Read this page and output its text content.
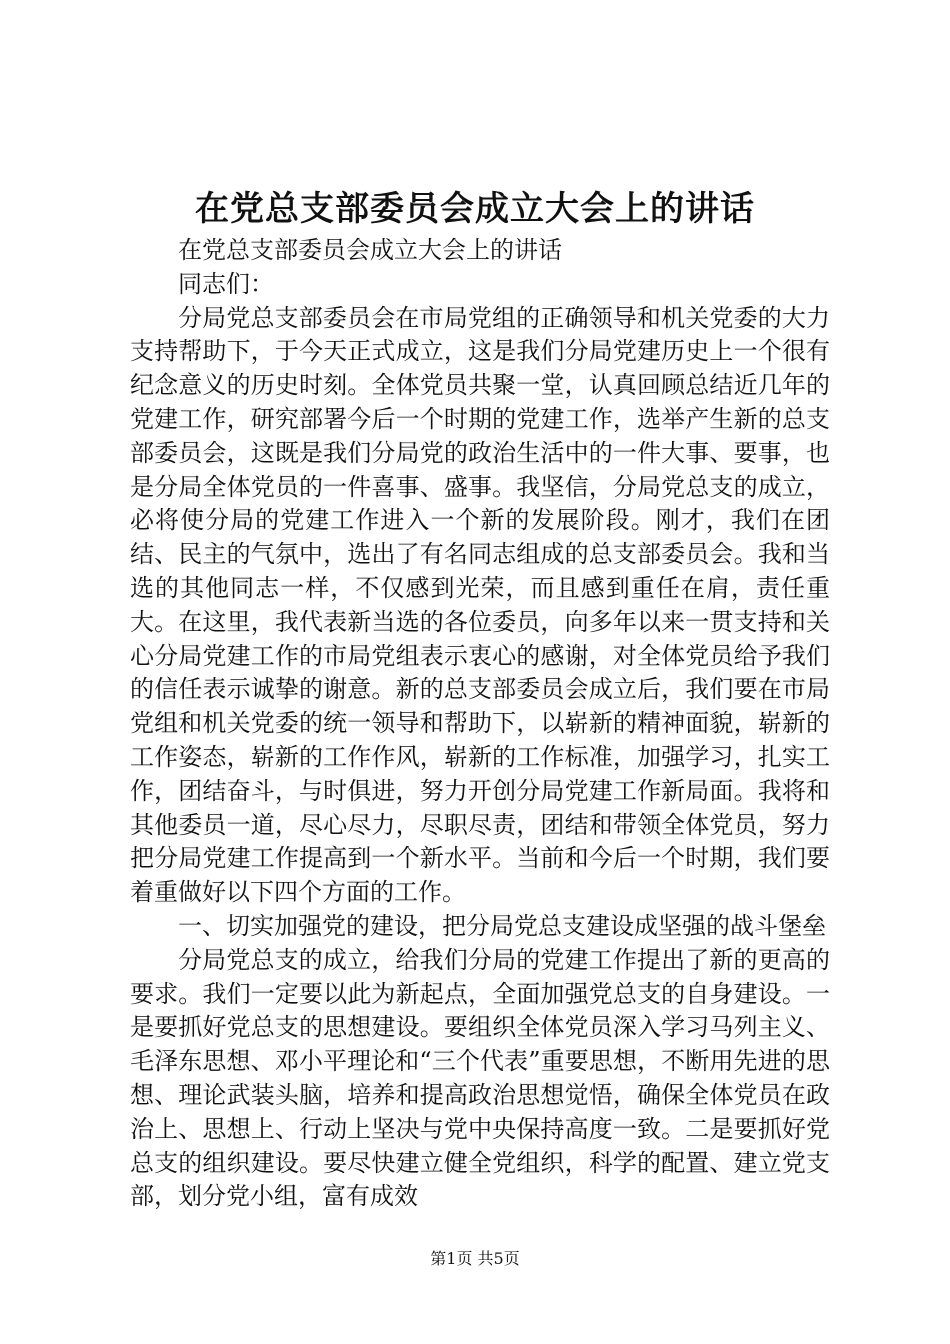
在党总支部委员会成立大会上的讲话

在党总支部委员会成立大会上的讲话

同志们：

分局党总支部委员会在市局党组的正确领导和机关党委的大力支持帮助下，于今天正式成立，这是我们分局党建历史上一个很有纪念意义的历史时刻。全体党员共聚一堂，认真回顾总结近几年的党建工作，研究部署今后一个时期的党建工作，选举产生新的总支部委员会，这既是我们分局党的政治生活中的一件大事、要事，也是分局全体党员的一件喜事、盛事。我坚信，分局党总支的成立，必将使分局的党建工作进入一个新的发展阶段。刚才，我们在团结、民主的气氛中，选出了有名同志组成的总支部委员会。我和当选的其他同志一样，不仅感到光荣，而且感到重任在肩，责任重大。在这里，我代表新当选的各位委员，向多年以来一贯支持和关心分局党建工作的市局党组表示衷心的感谢，对全体党员给予我们的信任表示诚挚的谢意。新的总支部委员会成立后，我们要在市局党组和机关党委的统一领导和帮助下，以崭新的精神面貌，崭新的工作姿态，崭新的工作作风，崭新的工作标准，加强学习，扎实工作，团结奋斗，与时俱进，努力开创分局党建工作新局面。我将和其他委员一道，尽心尽力，尽职尽责，团结和带领全体党员，努力把分局党建工作提高到一个新水平。当前和今后一个时期，我们要着重做好以下四个方面的工作。

一、切实加强党的建设，把分局党总支建设成坚强的战斗堡垒

分局党总支的成立，给我们分局的党建工作提出了新的更高的要求。我们一定要以此为新起点，全面加强党总支的自身建设。一是要抓好党总支的思想建设。要组织全体党员深入学习马列主义、毛泽东思想、邓小平理论和“三个代表”重要思想，不断用先进的思想、理论武装头脑，培养和提高政治思想觉悟，确保全体党员在政治上、思想上、行动上坚决与党中央保持高度一致。二是要抓好党总支的组织建设。要尽快建立健全党组织，科学的配置、建立党支部，划分党小组，富有成效

第1页 共5页
